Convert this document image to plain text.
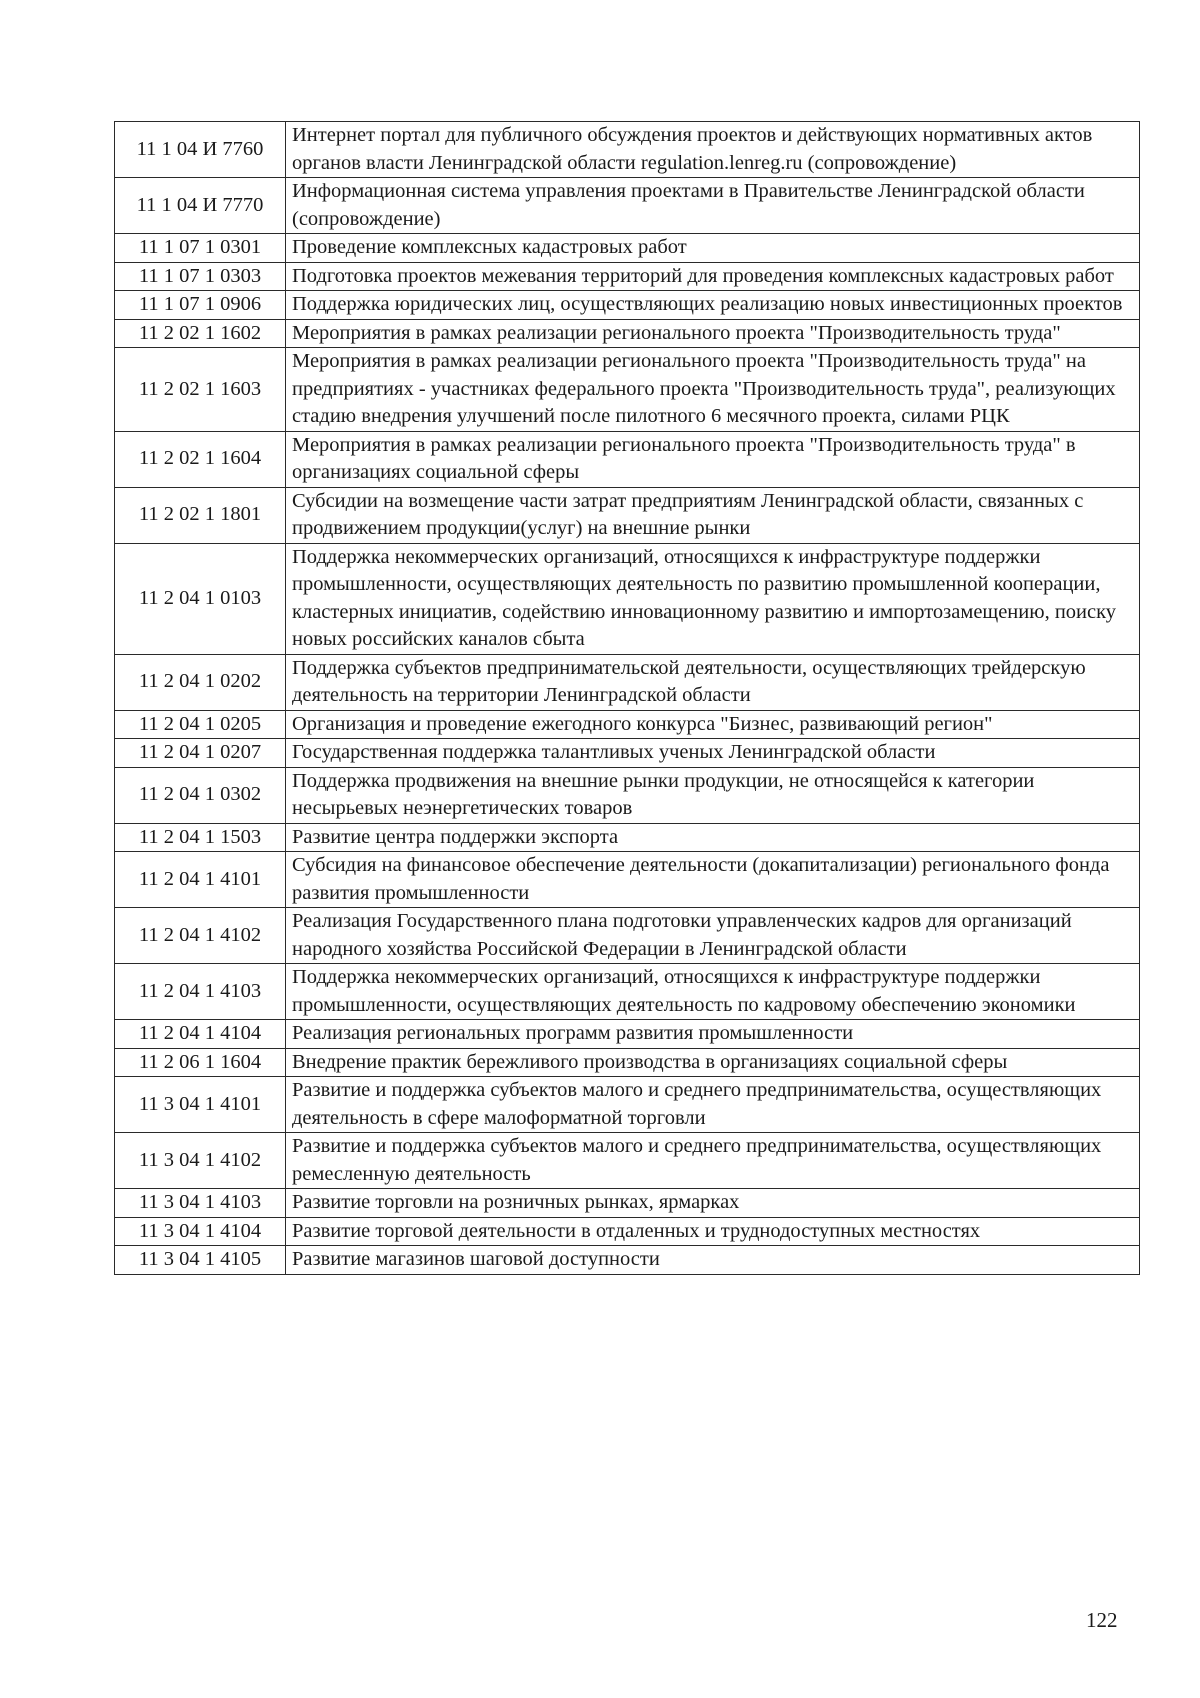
11 1 04 И 7760	Интернет портал для публичного обсуждения проектов и действующих нормативных актов органов власти Ленинградской области regulation.lenreg.ru (сопровождение)
11 1 04 И 7770	Информационная система управления проектами в Правительстве Ленинградской области (сопровождение)
11 1 07 1 0301	Проведение комплексных кадастровых работ
11 1 07 1 0303	Подготовка проектов межевания территорий для проведения комплексных кадастровых работ
11 1 07 1 0906	Поддержка юридических лиц, осуществляющих реализацию новых инвестиционных проектов
11 2 02 1 1602	Мероприятия в рамках реализации регионального проекта "Производительность труда"
11 2 02 1 1603	Мероприятия в рамках реализации регионального проекта "Производительность труда" на предприятиях - участниках федерального проекта "Производительность труда", реализующих стадию внедрения улучшений после пилотного 6 месячного проекта, силами РЦК
11 2 02 1 1604	Мероприятия в рамках реализации регионального проекта "Производительность труда" в организациях социальной сферы
11 2 02 1 1801	Субсидии на возмещение части затрат предприятиям Ленинградской области, связанных с продвижением продукции(услуг) на внешние рынки
11 2 04 1 0103	Поддержка некоммерческих организаций, относящихся к инфраструктуре поддержки промышленности, осуществляющих деятельность по развитию промышленной кооперации, кластерных инициатив, содействию инновационному развитию и импортозамещению, поиску новых российских каналов сбыта
11 2 04 1 0202	Поддержка субъектов предпринимательской деятельности, осуществляющих трейдерскую деятельность на территории Ленинградской области
11 2 04 1 0205	Организация и проведение ежегодного конкурса "Бизнес, развивающий регион"
11 2 04 1 0207	Государственная поддержка талантливых ученых Ленинградской области
11 2 04 1 0302	Поддержка продвижения на внешние рынки продукции, не относящейся к категории несырьевых неэнергетических товаров
11 2 04 1 1503	Развитие центра поддержки экспорта
11 2 04 1 4101	Субсидия на финансовое обеспечение деятельности (докапитализации) регионального фонда развития промышленности
11 2 04 1 4102	Реализация Государственного плана подготовки управленческих кадров для организаций народного хозяйства Российской Федерации в Ленинградской области
11 2 04 1 4103	Поддержка некоммерческих организаций, относящихся к инфраструктуре поддержки промышленности, осуществляющих деятельность по кадровому обеспечению экономики
11 2 04 1 4104	Реализация региональных программ развития промышленности
11 2 06 1 1604	Внедрение практик бережливого производства в организациях социальной сферы
11 3 04 1 4101	Развитие и поддержка субъектов малого и среднего предпринимательства, осуществляющих деятельность в сфере малоформатной торговли
11 3 04 1 4102	Развитие и поддержка субъектов малого и среднего предпринимательства, осуществляющих ремесленную деятельность
11 3 04 1 4103	Развитие торговли на розничных рынках, ярмарках
11 3 04 1 4104	Развитие торговой деятельности в отдаленных и труднодоступных местностях
11 3 04 1 4105	Развитие магазинов шаговой доступности
122
